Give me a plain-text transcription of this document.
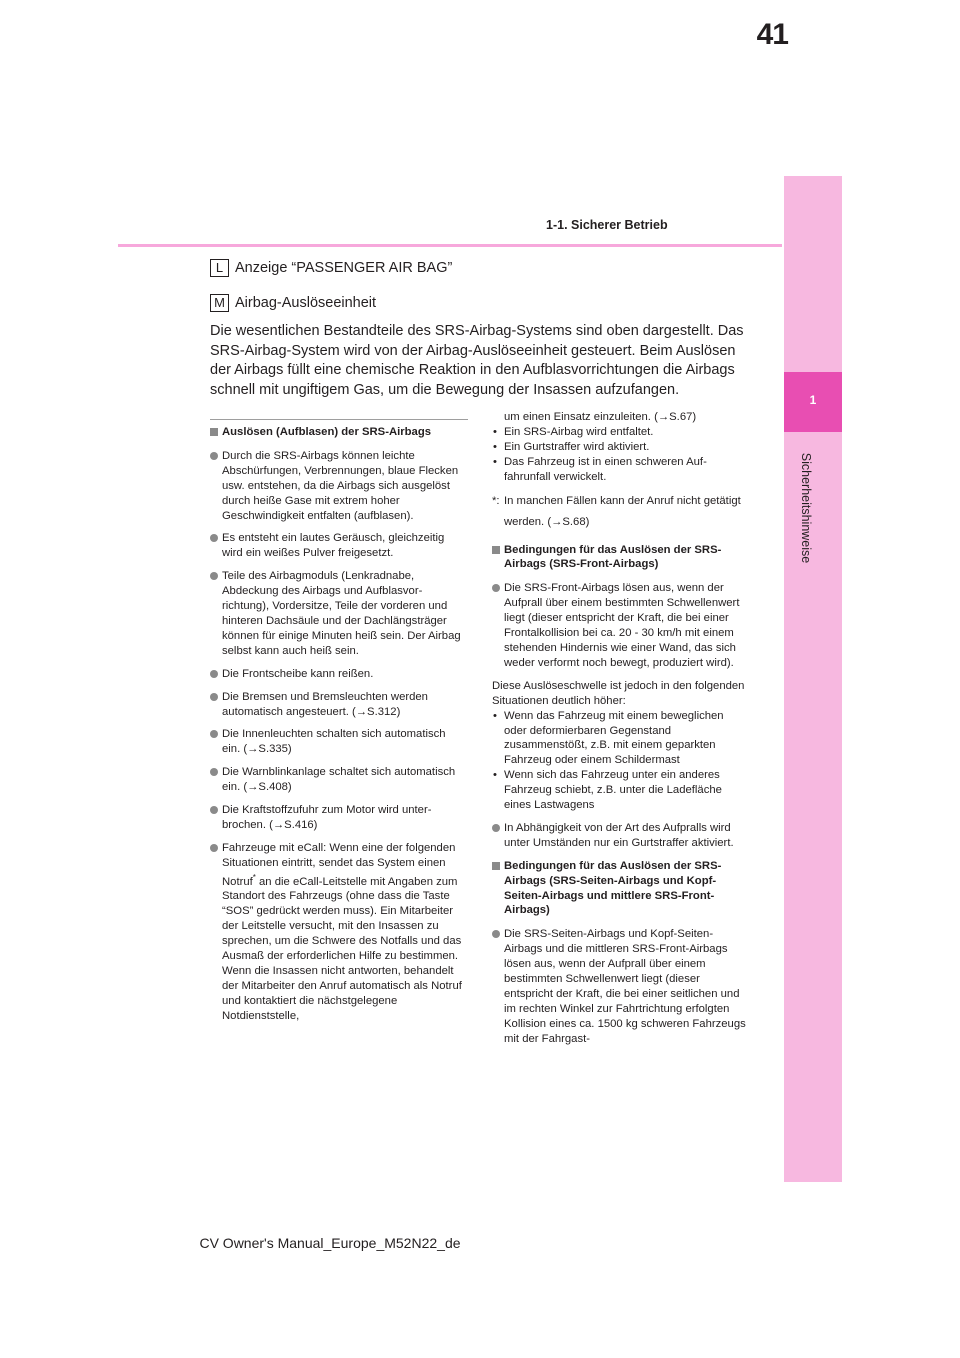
1
Sicherheitshinweise
41
1-1. Sicherer Betrieb
L Anzeige “PASSENGER AIR BAG”
M Airbag-Auslöseeinheit
Die wesentlichen Bestandteile des SRS-Airbag-Systems sind oben dargestellt. Das SRS-Airbag-System wird von der Airbag-Auslöseeinheit gesteuert. Beim Auslösen der Airbags füllt eine chemische Reaktion in den Aufblasvorrichtungen die Airbags schnell mit ungiftigem Gas, um die Bewegung der Insassen aufzufangen.
Auslösen (Aufblasen) der SRS-Airbags
Durch die SRS-Airbags können leichte Abschürfungen, Verbrennungen, blaue Flecken usw. entstehen, da die Airbags sich ausgelöst durch heiße Gase mit extrem hoher Geschwindigkeit entfalten (aufblasen).
Es entsteht ein lautes Geräusch, gleichzeitig wird ein weißes Pulver freigesetzt.
Teile des Airbagmoduls (Lenkradnabe, Abdeckung des Airbags und Aufblasvorrichtung), Vordersitze, Teile der vorderen und hinteren Dachsäule und der Dachlängsträger können für einige Minuten heiß sein. Der Airbag selbst kann auch heiß sein.
Die Frontscheibe kann reißen.
Die Bremsen und Bremsleuchten werden automatisch angesteuert. (→S.312)
Die Innenleuchten schalten sich automatisch ein. (→S.335)
Die Warnblinkanlage schaltet sich automatisch ein. (→S.408)
Die Kraftstoffzufuhr zum Motor wird unterbrochen. (→S.416)
Fahrzeuge mit eCall: Wenn eine der folgenden Situationen eintritt, sendet das System einen Notruf* an die eCall-Leitstelle mit Angaben zum Standort des Fahrzeugs (ohne dass die Taste “SOS” gedrückt werden muss). Ein Mitarbeiter der Leitstelle versucht, mit den Insassen zu sprechen, um die Schwere des Notfalls und das Ausmaß der erforderlichen Hilfe zu bestimmen. Wenn die Insassen nicht antworten, behandelt der Mitarbeiter den Anruf automatisch als Notruf und kontaktiert die nächstgelegene Notdienststelle,
um einen Einsatz einzuleiten. (→S.67)
• Ein SRS-Airbag wird entfaltet.
• Ein Gurtstraffer wird aktiviert.
• Das Fahrzeug ist in einen schweren Auffahrunfall verwickelt.
*: In manchen Fällen kann der Anruf nicht getätigt werden. (→S.68)
Bedingungen für das Auslösen der SRS-Airbags (SRS-Front-Airbags)
Die SRS-Front-Airbags lösen aus, wenn der Aufprall über einem bestimmten Schwellenwert liegt (dieser entspricht der Kraft, die bei einer Frontalkollision bei ca. 20 - 30 km/h mit einem stehenden Hindernis wie einer Wand, das sich weder verformt noch bewegt, produziert wird).
Diese Auslöseschwelle ist jedoch in den folgenden Situationen deutlich höher:
• Wenn das Fahrzeug mit einem beweglichen oder deformierbaren Gegenstand zusammenstößt, z.B. mit einem geparkten Fahrzeug oder einem Schildermast
• Wenn sich das Fahrzeug unter ein anderes Fahrzeug schiebt, z.B. unter die Ladefläche eines Lastwagens
In Abhängigkeit von der Art des Aufpralls wird unter Umständen nur ein Gurtstraffer aktiviert.
Bedingungen für das Auslösen der SRS-Airbags (SRS-Seiten-Airbags und Kopf-Seiten-Airbags und mittlere SRS-Front-Airbags)
Die SRS-Seiten-Airbags und Kopf-Seiten-Airbags und die mittleren SRS-Front-Airbags lösen aus, wenn der Aufprall über einem bestimmten Schwellenwert liegt (dieser entspricht der Kraft, die bei einer seitlichen und im rechten Winkel zur Fahrtrichtung erfolgten Kollision eines ca. 1500 kg schweren Fahrzeugs mit der Fahrgast-
CV Owner's Manual_Europe_M52N22_de
